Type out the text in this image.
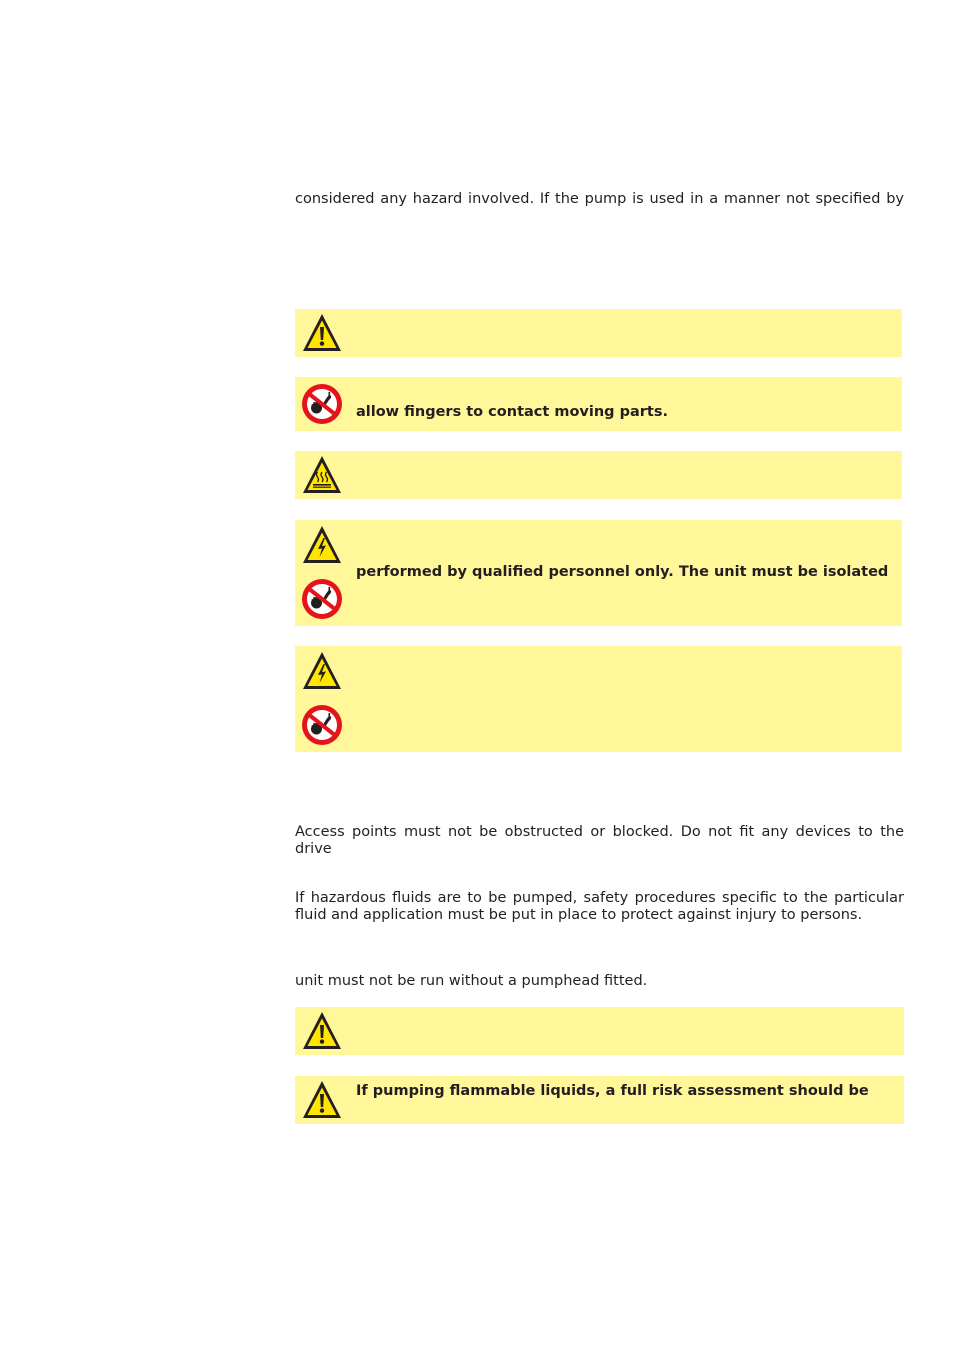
considered any hazard involved. If the pump is used in a manner not specified by

allow fingers to contact moving parts.
performed by qualified personnel only. The unit must be isolated

Access points must not be obstructed or blocked. Do not fit any devices to the drive

If hazardous fluids are to be pumped, safety procedures specific to the particular fluid and application must be put in place to protect against injury to persons.

unit must not be run without a pumphead fitted.

If pumping flammable liquids, a full risk assessment should be
